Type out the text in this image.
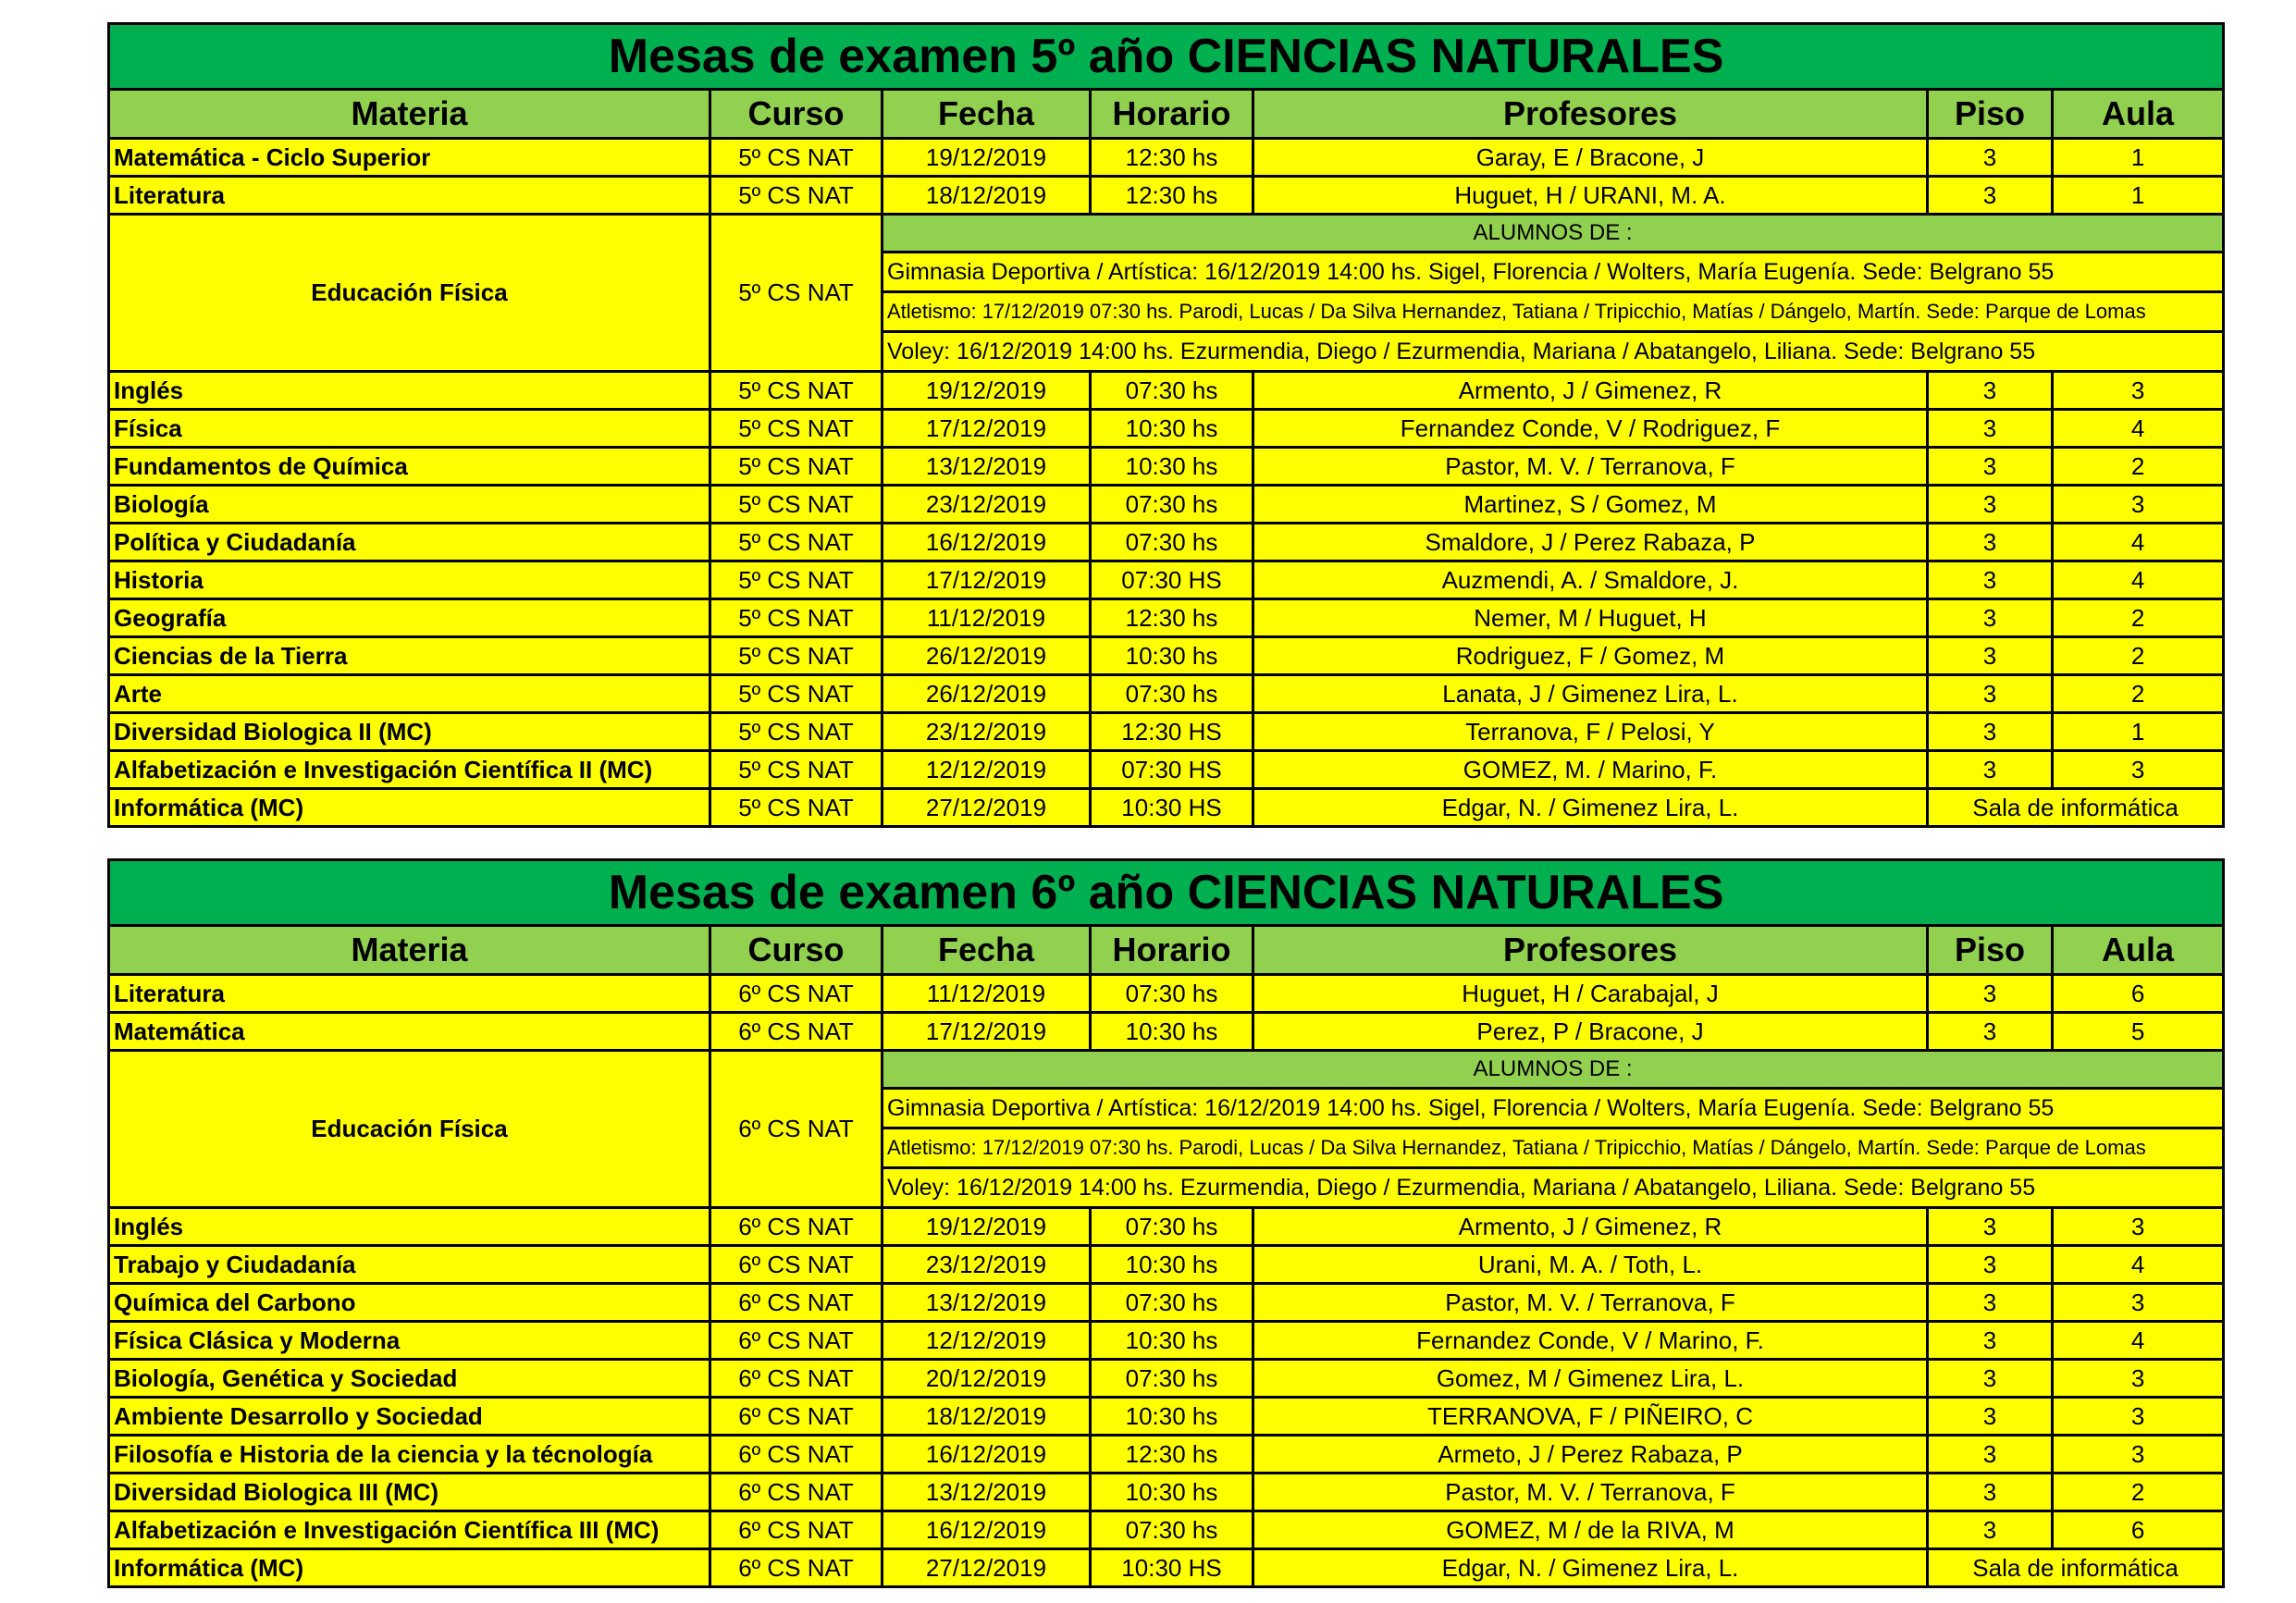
Mesas de examen 5º año CIENCIAS NATURALES						
Materia	Curso	Fecha	Horario	Profesores	Piso	Aula
Matemática - Ciclo Superior	5º CS NAT	19/12/2019	12:30 hs	Garay, E / Bracone, J	3	1
Literatura	5º CS NAT	18/12/2019	12:30 hs	Huguet, H / URANI, M. A.	3	1
Educación Física	5º CS NAT	ALUMNOS DE :				
		Gimnasia Deportiva / Artística: 16/12/2019 14:00 hs. Sigel, Florencia / Wolters, María Eugenía. Sede: Belgrano 55				
		Atletismo: 17/12/2019 07:30 hs. Parodi, Lucas / Da Silva Hernandez, Tatiana / Tripicchio, Matías / Dángelo, Martín. Sede: Parque de Lomas				
		Voley: 16/12/2019 14:00 hs. Ezurmendia, Diego / Ezurmendia, Mariana / Abatangelo, Liliana. Sede: Belgrano 55				
Inglés	5º CS NAT	19/12/2019	07:30 hs	Armento, J / Gimenez, R	3	3
Física	5º CS NAT	17/12/2019	10:30 hs	Fernandez Conde, V / Rodriguez, F	3	4
Fundamentos de Química	5º CS NAT	13/12/2019	10:30 hs	Pastor, M. V. / Terranova, F	3	2
Biología	5º CS NAT	23/12/2019	07:30 hs	Martinez, S / Gomez, M	3	3
Política y Ciudadanía	5º CS NAT	16/12/2019	07:30 hs	Smaldore, J / Perez Rabaza, P	3	4
Historia	5º CS NAT	17/12/2019	07:30 HS	Auzmendi, A. / Smaldore, J.	3	4
Geografía	5º CS NAT	11/12/2019	12:30 hs	Nemer, M / Huguet, H	3	2
Ciencias de la Tierra	5º CS NAT	26/12/2019	10:30 hs	Rodriguez, F / Gomez, M	3	2
Arte	5º CS NAT	26/12/2019	07:30 hs	Lanata, J / Gimenez Lira, L.	3	2
Diversidad Biologica II (MC)	5º CS NAT	23/12/2019	12:30 HS	Terranova, F / Pelosi, Y	3	1
Alfabetización e Investigación Científica II (MC)	5º CS NAT	12/12/2019	07:30 HS	GOMEZ, M. / Marino, F.	3	3
Informática (MC)	5º CS NAT	27/12/2019	10:30 HS	Edgar, N. / Gimenez Lira, L.	Sala de informática	
Mesas de examen 6º año CIENCIAS NATURALES						
Materia	Curso	Fecha	Horario	Profesores	Piso	Aula
Literatura	6º CS NAT	11/12/2019	07:30 hs	Huguet, H / Carabajal, J	3	6
Matemática	6º CS NAT	17/12/2019	10:30 hs	Perez, P / Bracone, J	3	5
Educación Física	6º CS NAT	ALUMNOS DE :				
		Gimnasia Deportiva / Artística: 16/12/2019 14:00 hs. Sigel, Florencia / Wolters, María Eugenía. Sede: Belgrano 55				
		Atletismo: 17/12/2019 07:30 hs. Parodi, Lucas / Da Silva Hernandez, Tatiana / Tripicchio, Matías / Dángelo, Martín. Sede: Parque de Lomas				
		Voley: 16/12/2019 14:00 hs. Ezurmendia, Diego / Ezurmendia, Mariana / Abatangelo, Liliana. Sede: Belgrano 55				
Inglés	6º CS NAT	19/12/2019	07:30 hs	Armento, J / Gimenez, R	3	3
Trabajo y Ciudadanía	6º CS NAT	23/12/2019	10:30 hs	Urani, M. A. / Toth, L.	3	4
Química del Carbono	6º CS NAT	13/12/2019	07:30 hs	Pastor, M. V. / Terranova, F	3	3
Física Clásica y Moderna	6º CS NAT	12/12/2019	10:30 hs	Fernandez Conde, V / Marino, F.	3	4
Biología, Genética y Sociedad	6º CS NAT	20/12/2019	07:30 hs	Gomez, M / Gimenez Lira, L.	3	3
Ambiente Desarrollo y Sociedad	6º CS NAT	18/12/2019	10:30 hs	TERRANOVA, F / PIÑEIRO, C	3	3
Filosofía e Historia de la ciencia y la técnología	6º CS NAT	16/12/2019	12:30 hs	Armeto, J / Perez Rabaza, P	3	3
Diversidad Biologica III (MC)	6º CS NAT	13/12/2019	10:30 hs	Pastor, M. V. / Terranova, F	3	2
Alfabetización e Investigación Científica III (MC)	6º CS NAT	16/12/2019	07:30 hs	GOMEZ, M / de la RIVA, M	3	6
Informática (MC)	6º CS NAT	27/12/2019	10:30 HS	Edgar, N. / Gimenez Lira, L.	Sala de informática	
